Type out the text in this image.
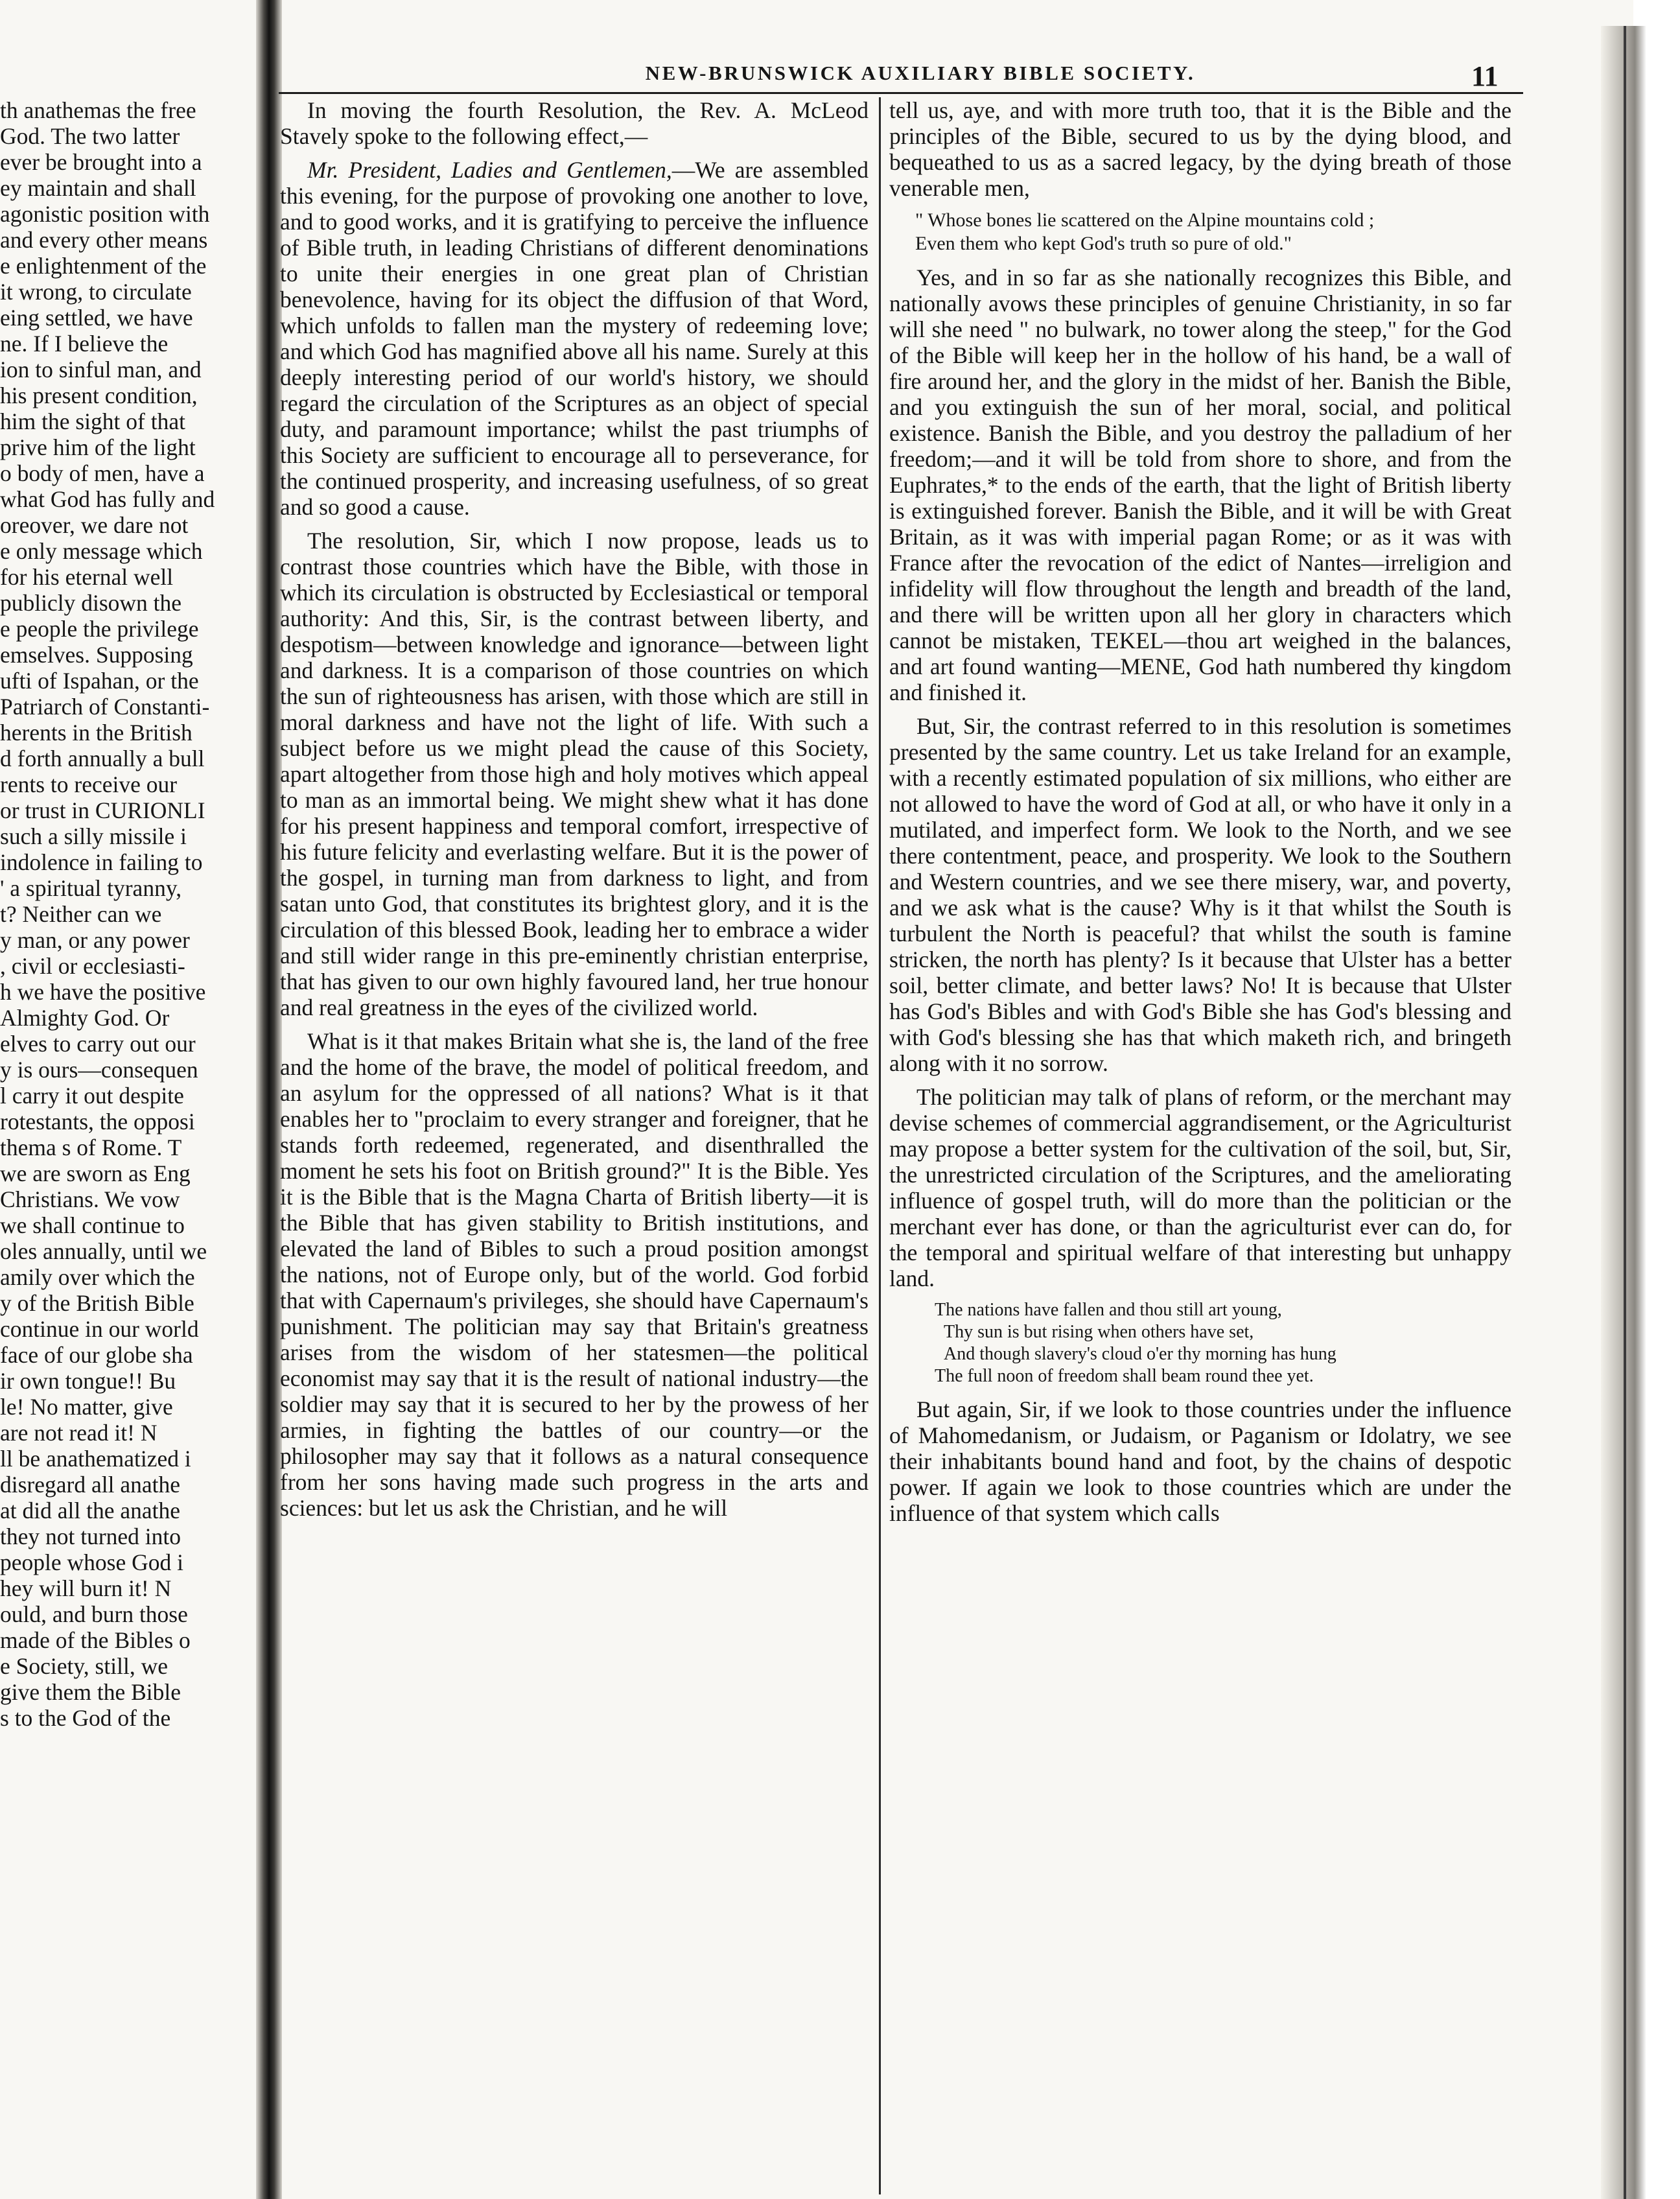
th anathemas the free
God. The two latter
ever be brought into a
ey maintain and shall
agonistic position with
and every other means
e enlightenment of the
it wrong, to circulate
eing settled, we have
ne. If I believe the
ion to sinful man, and
his present condition,
him the sight of that
prive him of the light
o body of men, have a
what God has fully and
oreover, we dare not
e only message which
for his eternal well
publicly disown the
e people the privilege
emselves. Supposing
ufti of Ispahan, or the
Patriarch of Constanti-
herents in the British
d forth annually a bull
rents to receive our
or trust in CURIONLI
such a silly missile i
indolence in failing to
' a spiritual tyranny,
t? Neither can we
y man, or any power
, civil or ecclesiasti-
h we have the positive
Almighty God. Or
elves to carry out our
y is ours—consequen
l carry it out despite
rotestants, the opposi
thema s of Rome. T
we are sworn as Eng
Christians. We vow
we shall continue to
oles annually, until we
amily over which the
y of the British Bible
continue in our world
face of our globe sha
ir own tongue!! Bu
le! No matter, give
are not read it! N
ll be anathematized i
disregard all anathe
at did all the anathe
they not turned into
people whose God i
hey will burn it! N
ould, and burn those
made of the Bibles o
e Society, still, we
give them the Bible
s to the God of the
NEW-BRUNSWICK AUXILIARY BIBLE SOCIETY.	11

In moving the fourth Resolution, the Rev. A. McLeod Stavely spoke to the following effect,—

Mr. President, Ladies and Gentlemen,—We are assembled this evening, for the purpose of provoking one another to love, and to good works, and it is gratifying to perceive the influence of Bible truth, in leading Christians of different denominations to unite their energies in one great plan of Christian benevolence, having for its object the diffusion of that Word, which unfolds to fallen man the mystery of redeeming love; and which God has magnified above all his name. Surely at this deeply interesting period of our world's history, we should regard the circulation of the Scriptures as an object of special duty, and paramount importance; whilst the past triumphs of this Society are sufficient to encourage all to perseverance, for the continued prosperity, and increasing usefulness, of so great and so good a cause.

The resolution, Sir, which I now propose, leads us to contrast those countries which have the Bible, with those in which its circulation is obstructed by Ecclesiastical or temporal authority: And this, Sir, is the contrast between liberty, and despotism—between knowledge and ignorance—between light and darkness. It is a comparison of those countries on which the sun of righteousness has arisen, with those which are still in moral darkness and have not the light of life. With such a subject before us we might plead the cause of this Society, apart altogether from those high and holy motives which appeal to man as an immortal being. We might shew what it has done for his present happiness and temporal comfort, irrespective of his future felicity and everlasting welfare. But it is the power of the gospel, in turning man from darkness to light, and from satan unto God, that constitutes its brightest glory, and it is the circulation of this blessed Book, leading her to embrace a wider and still wider range in this pre-eminently christian enterprise, that has given to our own highly favoured land, her true honour and real greatness in the eyes of the civilized world.

What is it that makes Britain what she is, the land of the free and the home of the brave, the model of political freedom, and an asylum for the oppressed of all nations? What is it that enables her to "proclaim to every stranger and foreigner, that he stands forth redeemed, regenerated, and disenthralled the moment he sets his foot on British ground?" It is the Bible. Yes it is the Bible that is the Magna Charta of British liberty—it is the Bible that has given stability to British institutions, and elevated the land of Bibles to such a proud position amongst the nations, not of Europe only, but of the world. God forbid that with Capernaum's privileges, she should have Capernaum's punishment. The politician may say that Britain's greatness arises from the wisdom of her statesmen—the political economist may say that it is the result of national industry—the soldier may say that it is secured to her by the prowess of her armies, in fighting the battles of our country—or the philosopher may say that it follows as a natural consequence from her sons having made such progress in the arts and sciences: but let us ask the Christian, and he will

tell us, aye, and with more truth too, that it is the Bible and the principles of the Bible, secured to us by the dying blood, and bequeathed to us as a sacred legacy, by the dying breath of those venerable men,

" Whose bones lie scattered on the Alpine mountains cold ;
Even them who kept God's truth so pure of old."

Yes, and in so far as she nationally recognizes this Bible, and nationally avows these principles of genuine Christianity, in so far will she need " no bulwark, no tower along the steep," for the God of the Bible will keep her in the hollow of his hand, be a wall of fire around her, and the glory in the midst of her. Banish the Bible, and you extinguish the sun of her moral, social, and political existence. Banish the Bible, and you destroy the palladium of her freedom;—and it will be told from shore to shore, and from the Euphrates,* to the ends of the earth, that the light of British liberty is extinguished forever. Banish the Bible, and it will be with Great Britain, as it was with imperial pagan Rome; or as it was with France after the revocation of the edict of Nantes—irreligion and infidelity will flow throughout the length and breadth of the land, and there will be written upon all her glory in characters which cannot be mistaken, TEKEL—thou art weighed in the balances, and art found wanting—MENE, God hath numbered thy kingdom and finished it.

But, Sir, the contrast referred to in this resolution is sometimes presented by the same country. Let us take Ireland for an example, with a recently estimated population of six millions, who either are not allowed to have the word of God at all, or who have it only in a mutilated, and imperfect form. We look to the North, and we see there contentment, peace, and prosperity. We look to the Southern and Western countries, and we see there misery, war, and poverty, and we ask what is the cause? Why is it that whilst the South is turbulent the North is peaceful? that whilst the south is famine stricken, the north has plenty? Is it because that Ulster has a better soil, better climate, and better laws? No! It is because that Ulster has God's Bibles and with God's Bible she has God's blessing and with God's blessing she has that which maketh rich, and bringeth along with it no sorrow.

The politician may talk of plans of reform, or the merchant may devise schemes of commercial aggrandisement, or the Agriculturist may propose a better system for the cultivation of the soil, but, Sir, the unrestricted circulation of the Scriptures, and the ameliorating influence of gospel truth, will do more than the politician or the merchant ever has done, or than the agriculturist ever can do, for the temporal and spiritual welfare of that interesting but unhappy land.

The nations have fallen and thou still art young,
Thy sun is but rising when others have set,
And though slavery's cloud o'er thy morning has hung
The full noon of freedom shall beam round thee yet.

But again, Sir, if we look to those countries under the influence of Mahomedanism, or Judaism, or Paganism or Idolatry, we see their inhabitants bound hand and foot, by the chains of despotic power. If again we look to those countries which are under the influence of that system which calls
